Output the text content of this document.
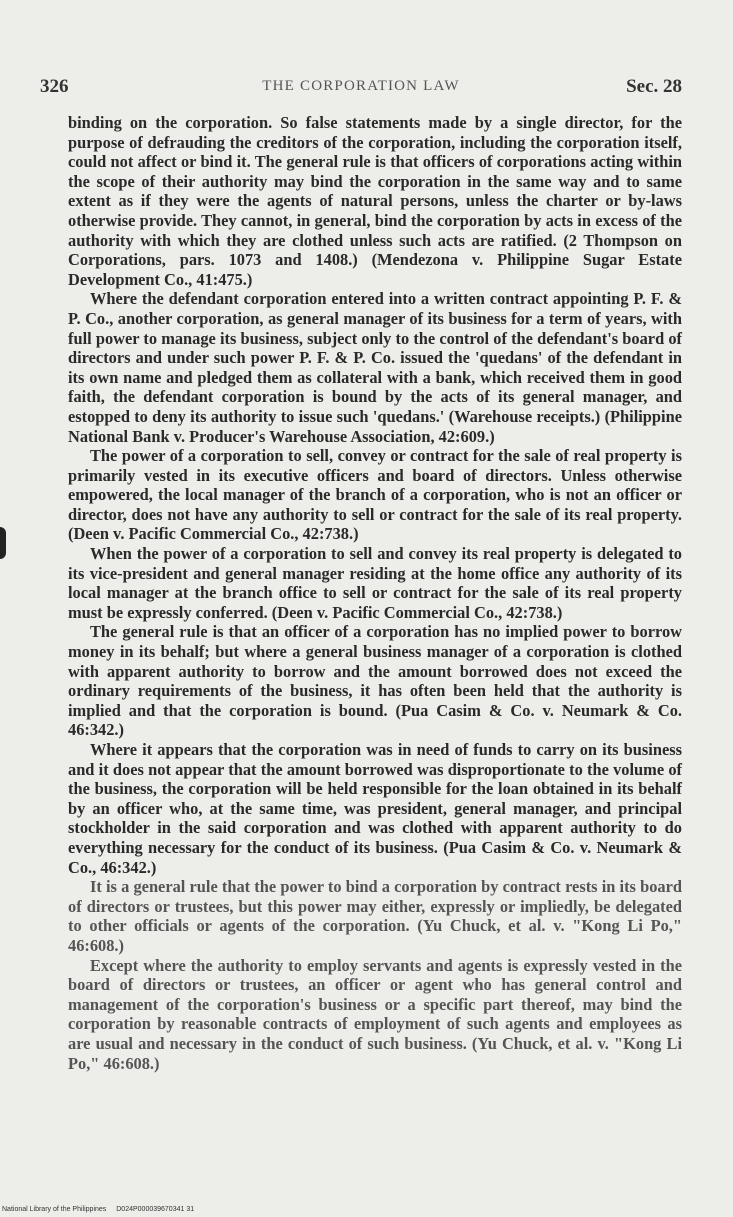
326	THE CORPORATION LAW	Sec. 28

binding on the corporation. So false statements made by a single director, for the purpose of defrauding the creditors of the corporation, including the corporation itself, could not affect or bind it. The general rule is that officers of corporations acting within the scope of their authority may bind the corporation in the same way and to same extent as if they were the agents of natural persons, unless the charter or by-laws otherwise provide. They cannot, in general, bind the corporation by acts in excess of the authority with which they are clothed unless such acts are ratified. (2 Thompson on Corporations, pars. 1073 and 1408.) (Mendezona v. Philippine Sugar Estate Development Co., 41:475.)

Where the defendant corporation entered into a written contract appointing P. F. & P. Co., another corporation, as general manager of its business for a term of years, with full power to manage its business, subject only to the control of the defendant's board of directors and under such power P. F. & P. Co. issued the 'quedans' of the defendant in its own name and pledged them as collateral with a bank, which received them in good faith, the defendant corporation is bound by the acts of its general manager, and estopped to deny its authority to issue such 'quedans.' (Warehouse receipts.) (Philippine National Bank v. Producer's Warehouse Association, 42:609.)

The power of a corporation to sell, convey or contract for the sale of real property is primarily vested in its executive officers and board of directors. Unless otherwise empowered, the local manager of the branch of a corporation, who is not an officer or director, does not have any authority to sell or contract for the sale of its real property. (Deen v. Pacific Commercial Co., 42:738.)

When the power of a corporation to sell and convey its real property is delegated to its vice-president and general manager residing at the home office any authority of its local manager at the branch office to sell or contract for the sale of its real property must be expressly conferred. (Deen v. Pacific Commercial Co., 42:738.)

The general rule is that an officer of a corporation has no implied power to borrow money in its behalf; but where a general business manager of a corporation is clothed with apparent authority to borrow and the amount borrowed does not exceed the ordinary requirements of the business, it has often been held that the authority is implied and that the corporation is bound. (Pua Casim & Co. v. Neumark & Co. 46:342.)

Where it appears that the corporation was in need of funds to carry on its business and it does not appear that the amount borrowed was disproportionate to the volume of the business, the corporation will be held responsible for the loan obtained in its behalf by an officer who, at the same time, was president, general manager, and principal stockholder in the said corporation and was clothed with apparent authority to do everything necessary for the conduct of its business. (Pua Casim & Co. v. Neumark & Co., 46:342.)

It is a general rule that the power to bind a corporation by contract rests in its board of directors or trustees, but this power may either, expressly or impliedly, be delegated to other officials or agents of the corporation. (Yu Chuck, et al. v. "Kong Li Po," 46:608.)

Except where the authority to employ servants and agents is expressly vested in the board of directors or trustees, an officer or agent who has general control and management of the corporation's business or a specific part thereof, may bind the corporation by reasonable contracts of employment of such agents and employees as are usual and necessary in the conduct of such business. (Yu Chuck, et al. v. "Kong Li Po," 46:608.)

National Library of the Philippines D024P000039670341 31
